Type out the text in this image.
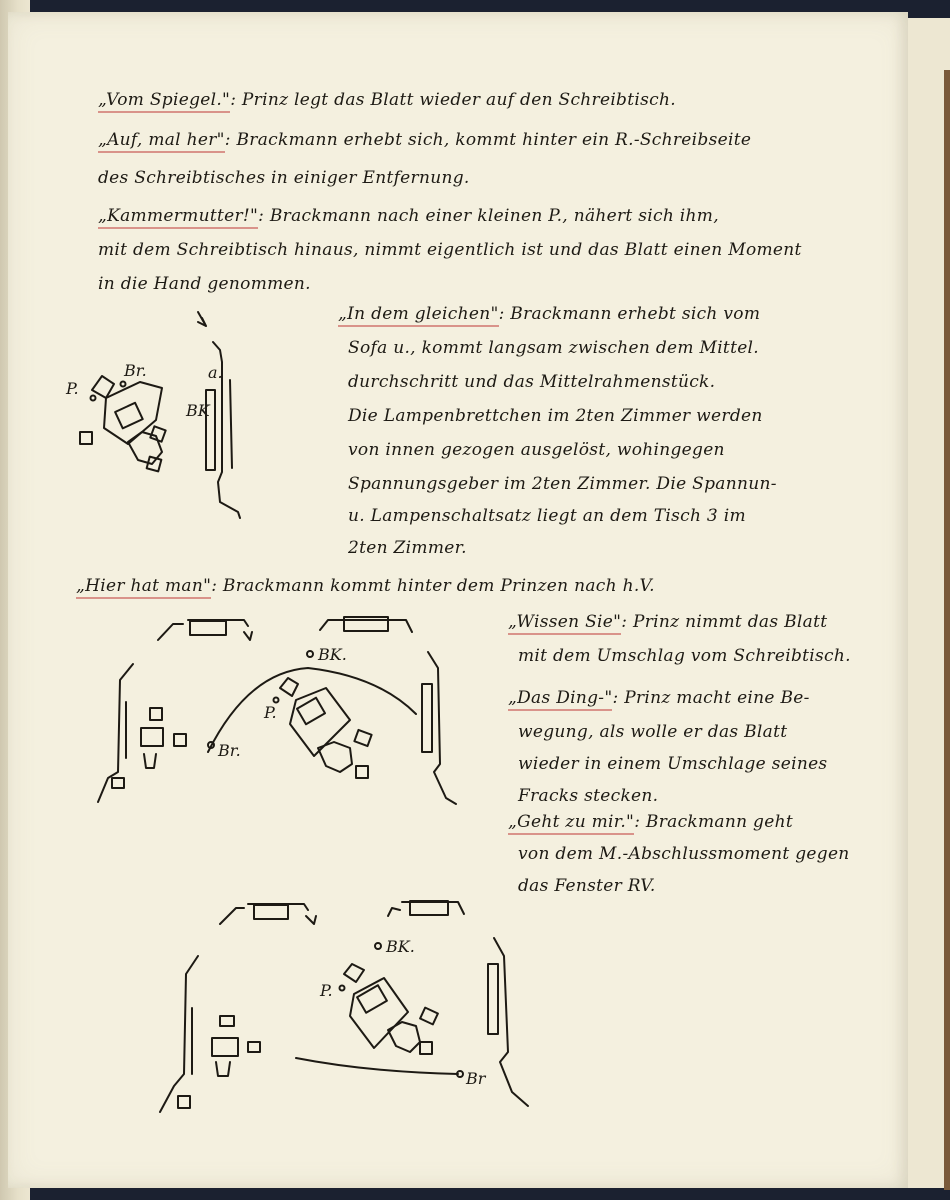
„Vom Spiegel.": Prinz legt das Blatt wieder auf den Schreibtisch.

„Auf, mal her": Brackmann erhebt sich, kommt hinter ein R.-Schreibseite

des Schreibtisches in einiger Entfernung.

„Kammermutter!": Brackmann nach einer kleinen P., nähert sich ihm,

mit dem Schreibtisch hinaus, nimmt eigentlich ist und das Blatt einen Moment

in die Hand genommen.

„In dem gleichen": Brackmann erhebt sich vom

Sofa u., kommt langsam zwischen dem Mittel.

durchschritt und das Mittelrahmenstück.

Die Lampenbrettchen im 2ten Zimmer werden

von innen gezogen ausgelöst, wohingegen

Spannungsgeber im 2ten Zimmer. Die Spannun-

u. Lampenschaltsatz liegt an dem Tisch 3 im

2ten Zimmer.

„Hier hat man": Brackmann kommt hinter dem Prinzen nach h.V.

„Wissen Sie": Prinz nimmt das Blatt

mit dem Umschlag vom Schreibtisch.

„Das Ding-": Prinz macht eine Be-

wegung, als wolle er das Blatt

wieder in einem Umschlage seines

Fracks stecken.

„Geht zu mir.": Brackmann geht

von dem M.-Abschlussmoment gegen

das Fenster RV.

P.
Br.
BK
a.
BK.
P.
Br.
BK.
P.
Br
